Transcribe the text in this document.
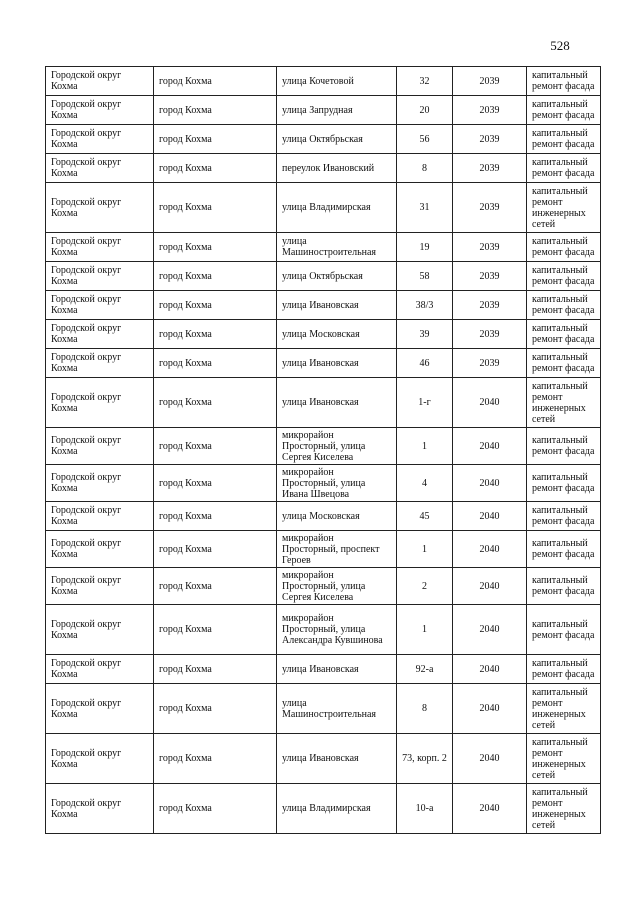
528
Городской округ Кохма	город Кохма	улица Кочетовой	32	2039	капитальный ремонт фасада
Городской округ Кохма	город Кохма	улица Запрудная	20	2039	капитальный ремонт фасада
Городской округ Кохма	город Кохма	улица Октябрьская	56	2039	капитальный ремонт фасада
Городской округ Кохма	город Кохма	переулок Ивановский	8	2039	капитальный ремонт фасада
Городской округ Кохма	город Кохма	улица Владимирская	31	2039	капитальный ремонт инженерных сетей
Городской округ Кохма	город Кохма	улица Машиностроительная	19	2039	капитальный ремонт фасада
Городской округ Кохма	город Кохма	улица Октябрьская	58	2039	капитальный ремонт фасада
Городской округ Кохма	город Кохма	улица Ивановская	38/3	2039	капитальный ремонт фасада
Городской округ Кохма	город Кохма	улица Московская	39	2039	капитальный ремонт фасада
Городской округ Кохма	город Кохма	улица Ивановская	46	2039	капитальный ремонт фасада
Городской округ Кохма	город Кохма	улица Ивановская	1-г	2040	капитальный ремонт инженерных сетей
Городской округ Кохма	город Кохма	микрорайон Просторный, улица Сергея Киселева	1	2040	капитальный ремонт фасада
Городской округ Кохма	город Кохма	микрорайон Просторный, улица Ивана Швецова	4	2040	капитальный ремонт фасада
Городской округ Кохма	город Кохма	улица Московская	45	2040	капитальный ремонт фасада
Городской округ Кохма	город Кохма	микрорайон Просторный, проспект Героев	1	2040	капитальный ремонт фасада
Городской округ Кохма	город Кохма	микрорайон Просторный, улица Сергея Киселева	2	2040	капитальный ремонт фасада
Городской округ Кохма	город Кохма	микрорайон Просторный, улица Александра Кувшинова	1	2040	капитальный ремонт фасада
Городской округ Кохма	город Кохма	улица Ивановская	92-а	2040	капитальный ремонт фасада
Городской округ Кохма	город Кохма	улица Машиностроительная	8	2040	капитальный ремонт инженерных сетей
Городской округ Кохма	город Кохма	улица Ивановская	73, корп. 2	2040	капитальный ремонт инженерных сетей
Городской округ Кохма	город Кохма	улица Владимирская	10-а	2040	капитальный ремонт инженерных сетей
